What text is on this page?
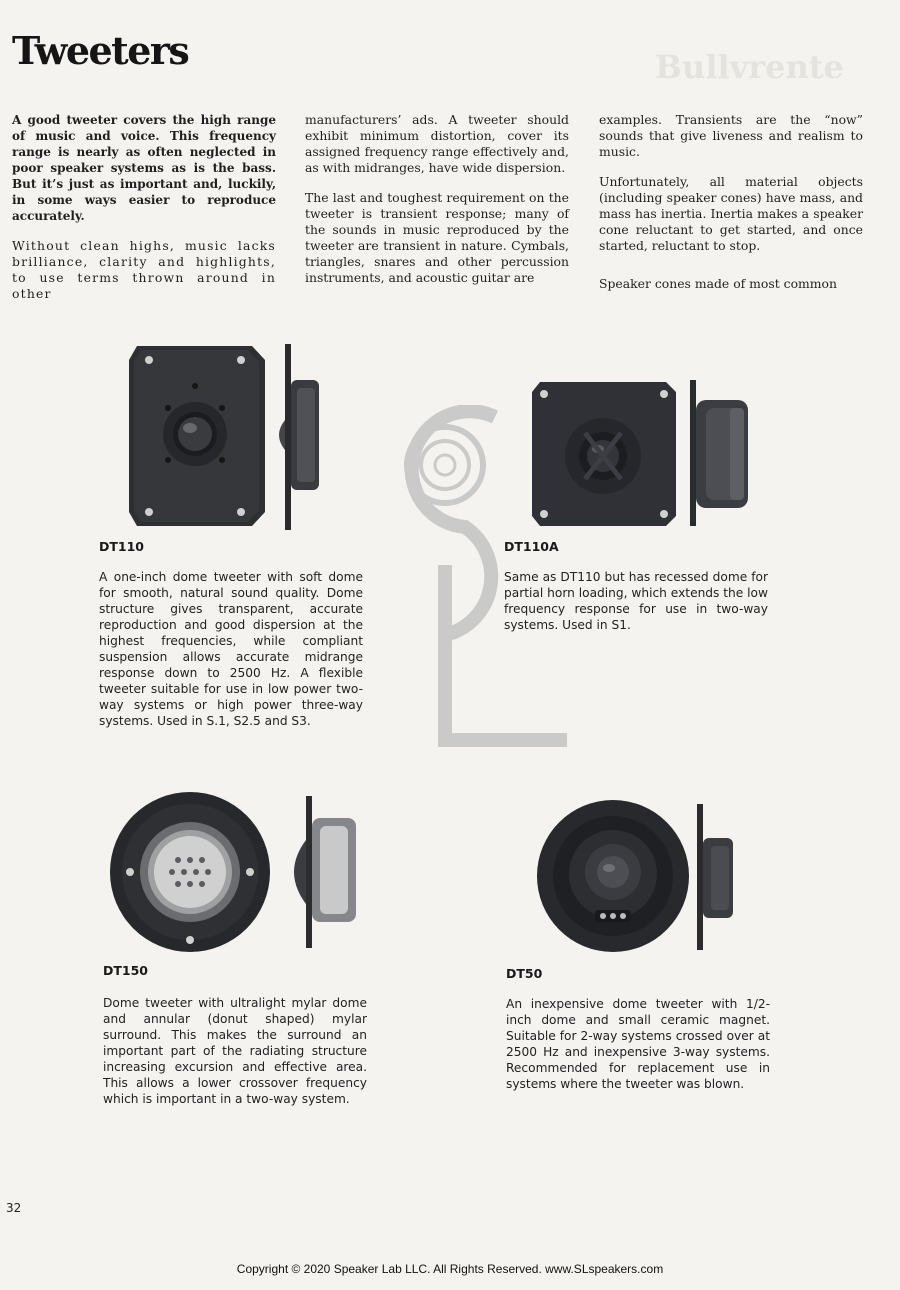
Bullvrente
Tweeters

A good tweeter covers the high range of music and voice. This frequency range is nearly as often neglected in poor speaker systems as is the bass. But it’s just as important and, luckily, in some ways easier to reproduce accurately.

Without clean highs, music lacks brilliance, clarity and highlights, to use terms thrown around in other

manufacturers’ ads. A tweeter should exhibit minimum distortion, cover its assigned frequency range effectively and, as with midranges, have wide dispersion.

The last and toughest requirement on the tweeter is transient response; many of the sounds in music reproduced by the tweeter are transient in nature. Cymbals, triangles, snares and other percussion instruments, and acoustic guitar are

examples. Transients are the “now” sounds that give liveness and realism to music.

Unfortunately, all material objects (including speaker cones) have mass, and mass has inertia. Inertia makes a speaker cone reluctant to get started, and once started, reluctant to stop.

Speaker cones made of most common

DT110	DT110A
A one-inch dome tweeter with soft dome for smooth, natural sound quality. Dome structure gives transparent, accurate reproduction and good dispersion at the highest frequencies, while compliant suspension allows accurate midrange response down to 2500 Hz. A flexible tweeter suitable for use in low power two-way systems or high power three-way systems. Used in S.1, S2.5 and S3.
Same as DT110 but has recessed dome for partial horn loading, which extends the low frequency response for use in two-way systems. Used in S1.
DT150	DT50
Dome tweeter with ultralight mylar dome and annular (donut shaped) mylar surround. This makes the surround an important part of the radiating structure increasing excursion and effective area. This allows a lower crossover frequency which is important in a two-way system.
An inexpensive dome tweeter with 1/2-inch dome and small ceramic magnet. Suitable for 2-way systems crossed over at 2500 Hz and inexpensive 3-way systems. Recommended for replacement use in systems where the tweeter was blown.
32
Copyright © 2020 Speaker Lab LLC. All Rights Reserved. www.SLspeakers.com
